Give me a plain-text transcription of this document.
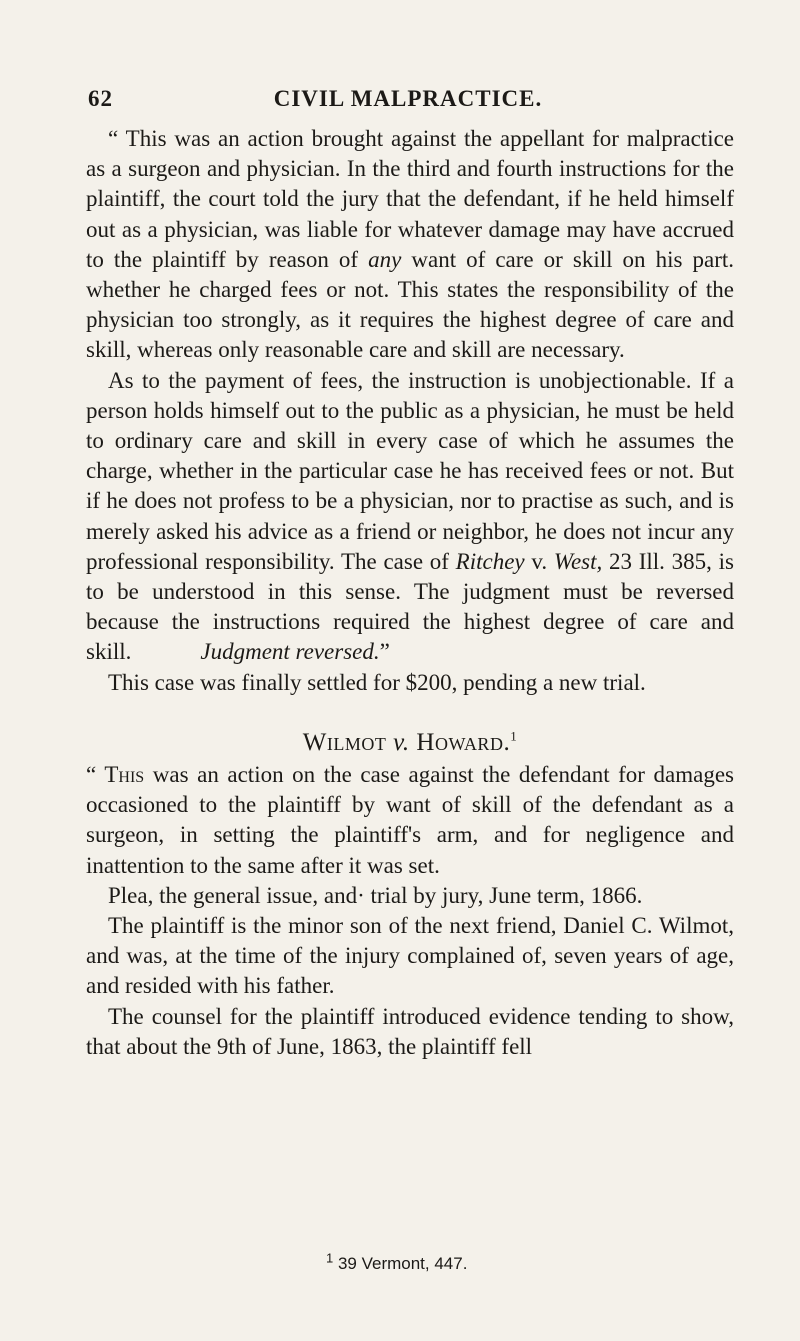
62	CIVIL MALPRACTICE.

“ This was an action brought against the appellant for malpractice as a surgeon and physician. In the third and fourth instructions for the plaintiff, the court told the jury that the defendant, if he held himself out as a physician, was liable for whatever damage may have accrued to the plaintiff by reason of any want of care or skill on his part. whether he charged fees or not. This states the responsibility of the physician too strongly, as it requires the highest degree of care and skill, whereas only reasonable care and skill are necessary.

As to the payment of fees, the instruction is unobjectionable. If a person holds himself out to the public as a physician, he must be held to ordinary care and skill in every case of which he assumes the charge, whether in the particular case he has received fees or not. But if he does not profess to be a physician, nor to practise as such, and is merely asked his advice as a friend or neighbor, he does not incur any professional responsibility. The case of Ritchey v. West, 23 Ill. 385, is to be understood in this sense. The judgment must be reversed because the instructions required the highest degree of care and skill.	Judgment reversed.”

This case was finally settled for $200, pending a new trial.

Wilmot v. Howard.$^1$

“ This was an action on the case against the defendant for damages occasioned to the plaintiff by want of skill of the defendant as a surgeon, in setting the plaintiff's arm, and for negligence and inattention to the same after it was set.

Plea, the general issue, and· trial by jury, June term, 1866.

The plaintiff is the minor son of the next friend, Daniel C. Wilmot, and was, at the time of the injury complained of, seven years of age, and resided with his father.

The counsel for the plaintiff introduced evidence tending to show, that about the 9th of June, 1863, the plaintiff fell

$^1$ 39 Vermont, 447.
